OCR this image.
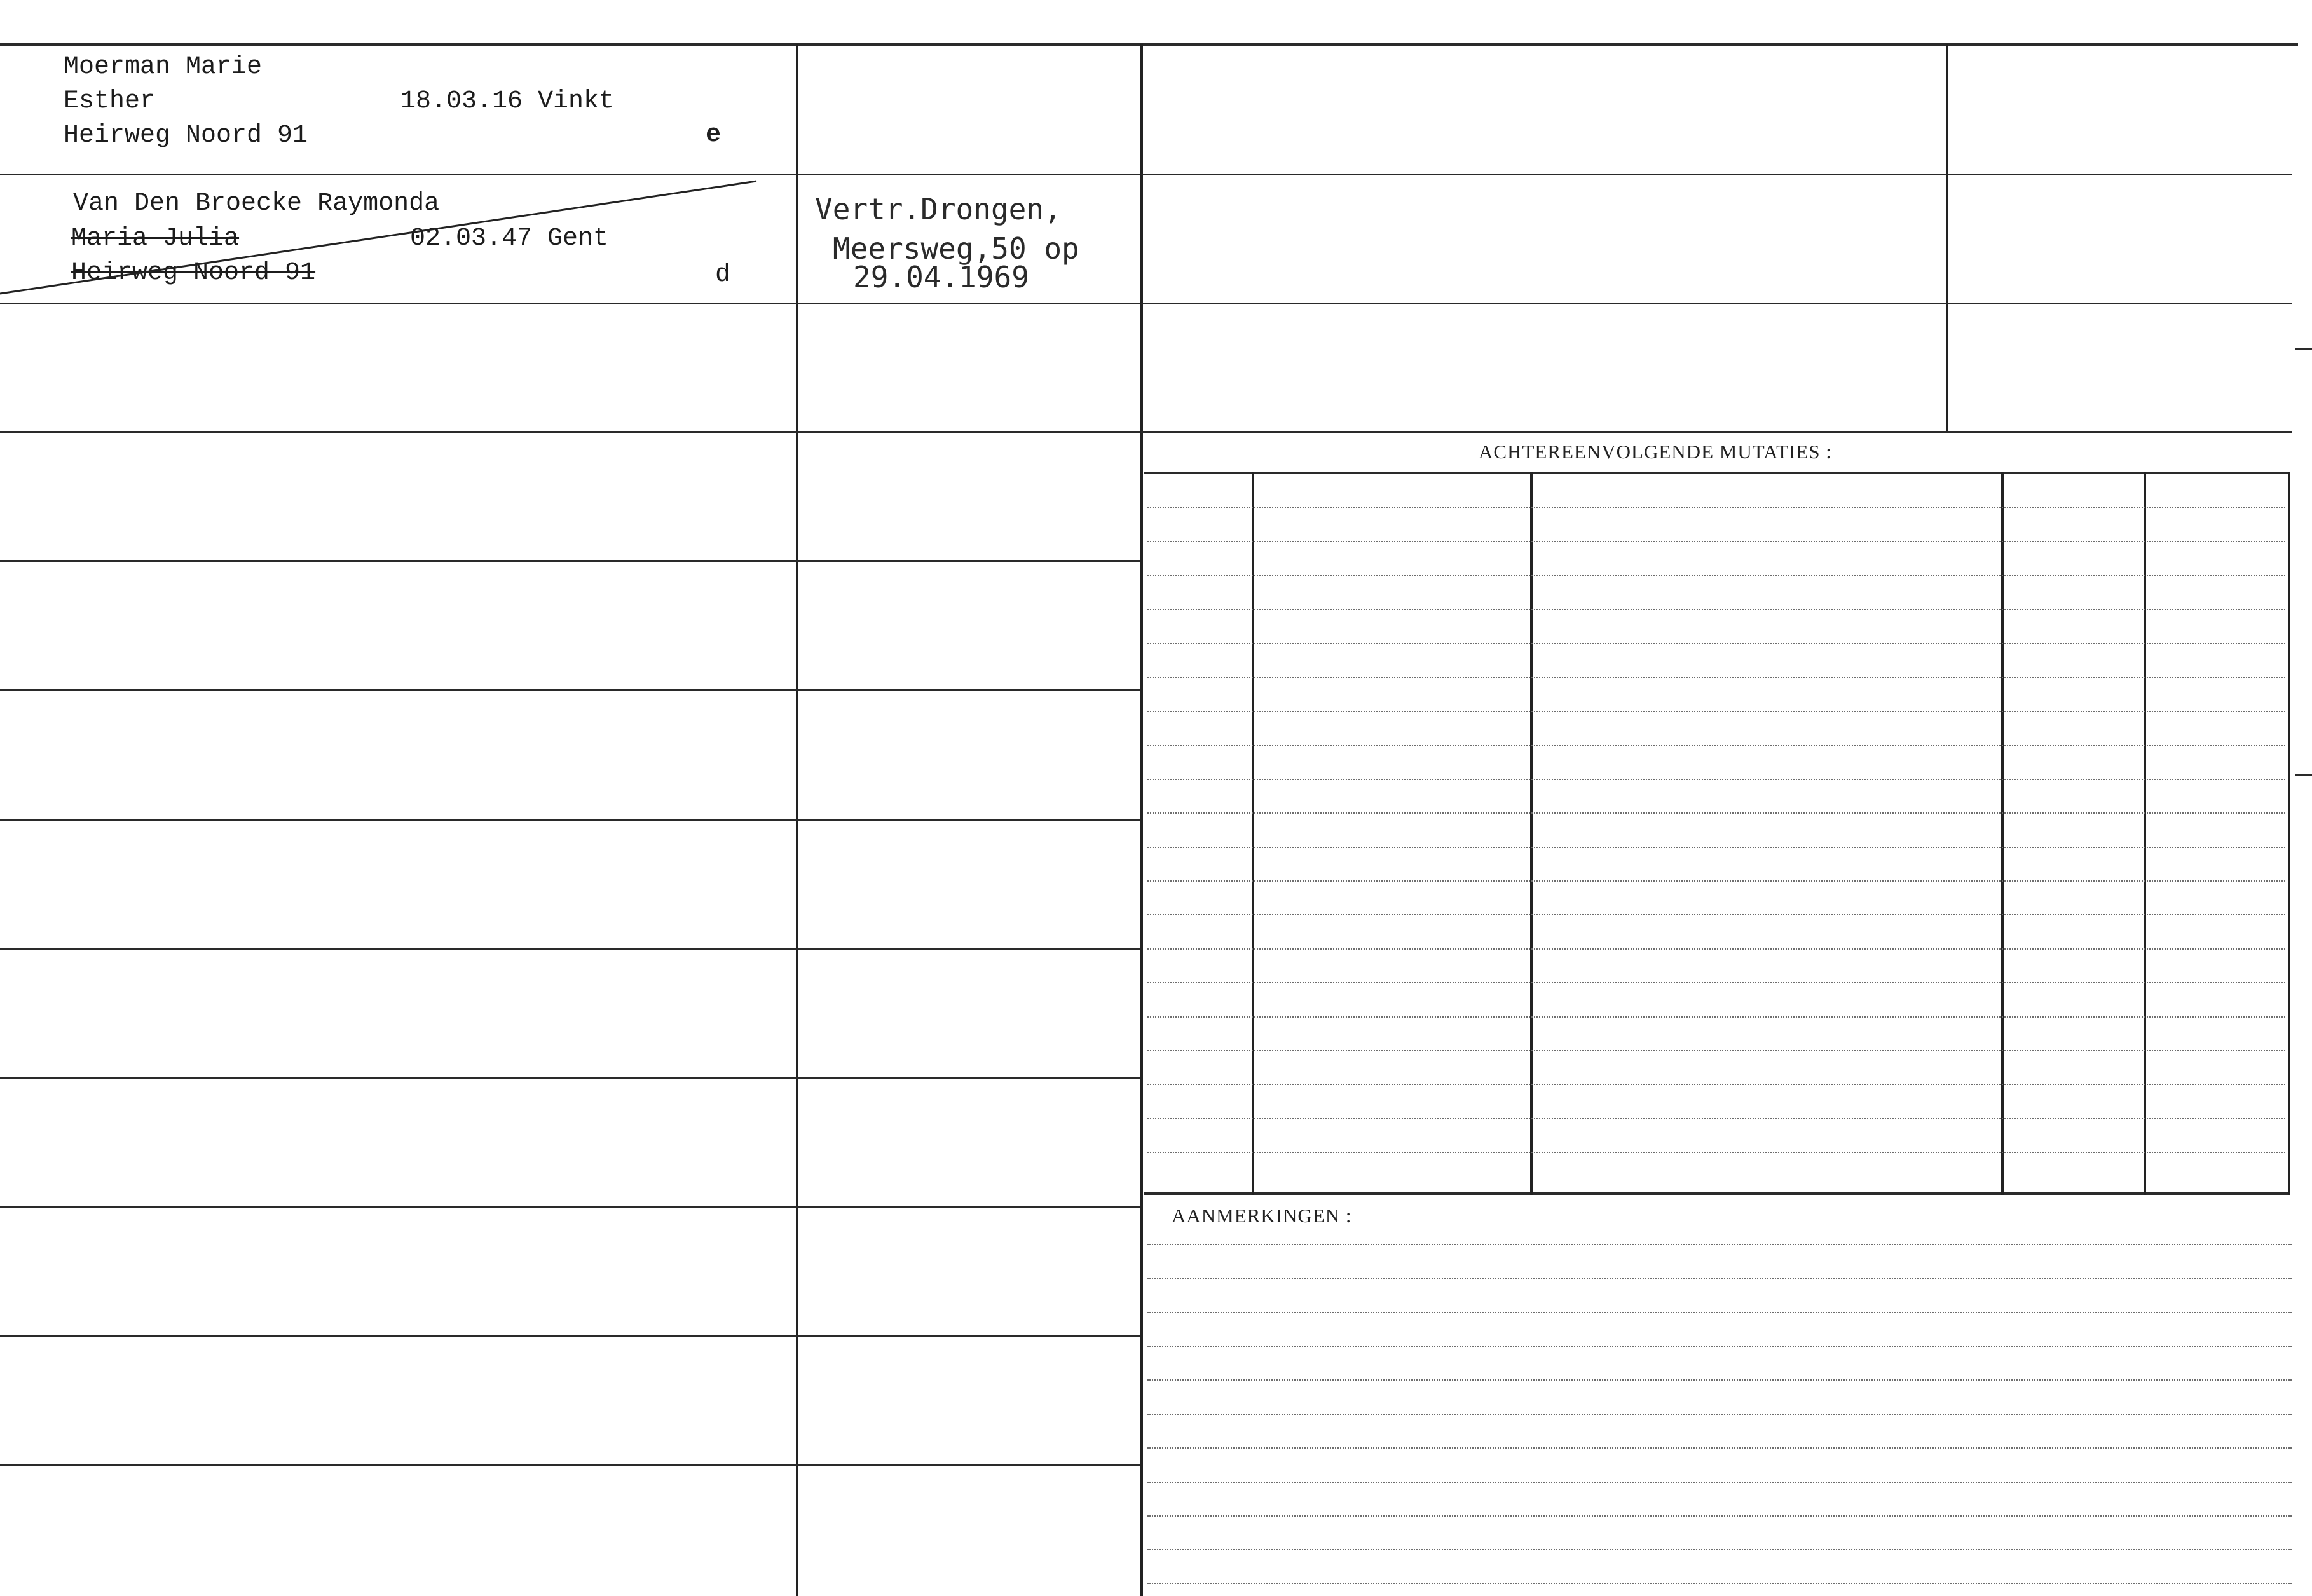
Moerman Marie
Esther	18.03.16 Vinkt
Heirweg Noord 91	e
Van Den Broecke Raymonda
Maria Julia	02.03.47 Gent
Heirweg Noord 91	d
Vertr.Drongen,
Meersweg,50 op
29.04.1969
ACHTEREENVOLGENDE MUTATIES :
AANMERKINGEN :
